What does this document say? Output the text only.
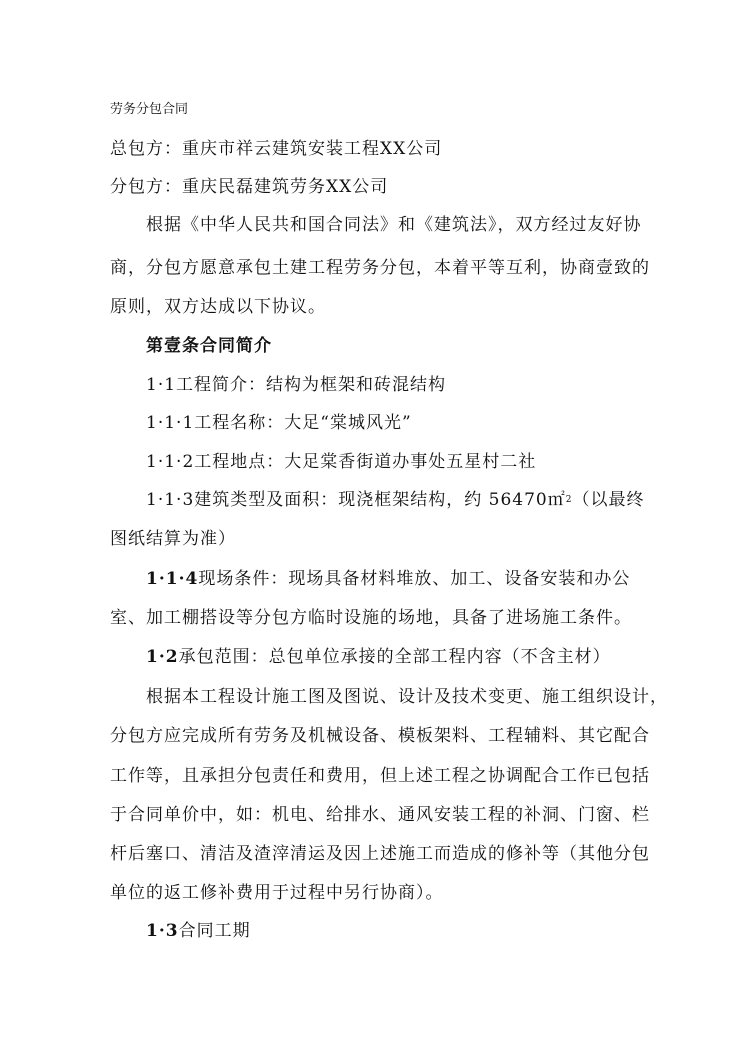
劳务分包合同
总包方：重庆市祥云建筑安装工程XX公司
分包方：重庆民磊建筑劳务XX公司
根据《中华人民共和国合同法》和《建筑法》，双方经过友好协
商，分包方愿意承包土建工程劳务分包，本着平等互利，协商壹致的
原则，双方达成以下协议。
第壹条合同简介
1·1工程简介：结构为框架和砖混结构
1·1·1工程名称：大足“棠城风光”
1·1·2工程地点：大足棠香街道办事处五星村二社
1·1·3建筑类型及面积：现浇框架结构，约 56470㎡$^2$（以最终
图纸结算为准）
1·1·4现场条件：现场具备材料堆放、加工、设备安装和办公
室、加工棚搭设等分包方临时设施的场地，具备了进场施工条件。
1·2承包范围：总包单位承接的全部工程内容（不含主材）
根据本工程设计施工图及图说、设计及技术变更、施工组织设计，
分包方应完成所有劳务及机械设备、模板架料、工程辅料、其它配合
工作等，且承担分包责任和费用，但上述工程之协调配合工作已包括
于合同单价中，如：机电、给排水、通风安装工程的补洞、门窗、栏
杆后塞口、清洁及渣滓清运及因上述施工而造成的修补等（其他分包
单位的返工修补费用于过程中另行协商）。
1·3合同工期
